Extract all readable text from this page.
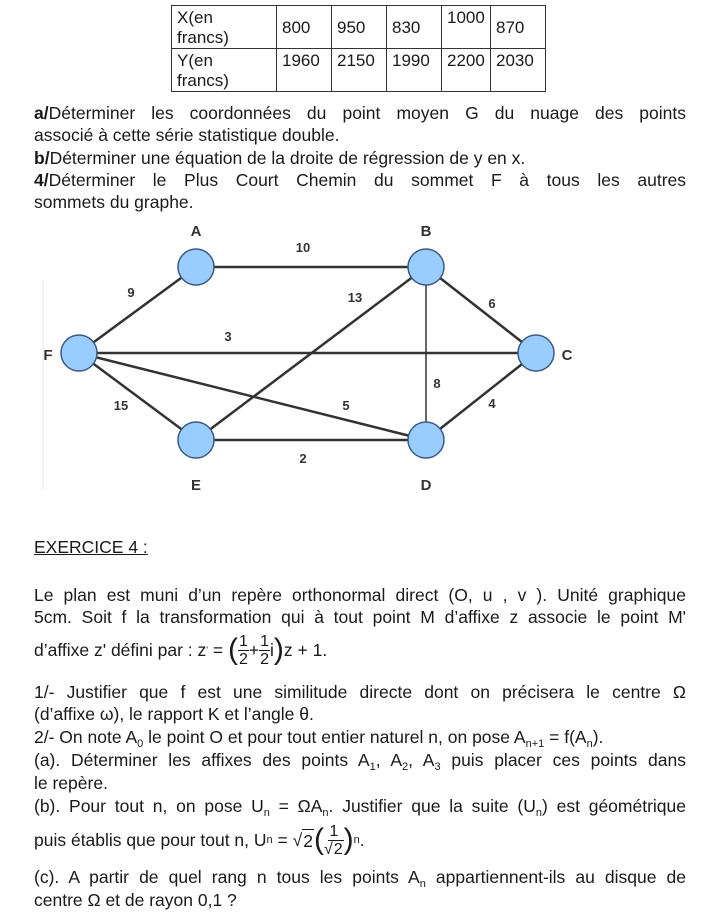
X(en
francs)	800	950	830	1000	870
Y(en
francs)	1960	2150	1990	2200	2030
a/Déterminer les coordonnées du point moyen G du nuage des points
associé à cette série statistique double.
b/Déterminer une équation de la droite de régression de y en x.
4/Déterminer le Plus Court Chemin du sommet F à tous les autres
sommets du graphe.
10
9
3
15	5
13
2
6
8
4
A	B
C
D
E
F
EXERCICE 4 :
Le plan est muni d’un repère orthonormal direct (O, u , v ). Unité graphique
5cm. Soit f la transformation qui à tout point M d’affixe z associe le point M'
d’affixe z' défini par : z ' = ( $\frac{1}{2} + \frac{1}{2}$ i ) z + 1.
1/- Justifier que f est une similitude directe dont on précisera le centre Ω
(d’affixe ω), le rapport K et l’angle θ.
2/- On note $A_0$ le point O et pour tout entier naturel n, on pose $A_{n+1} = f(A_n)$.
(a). Déterminer les affixes des points $A_1$, $A_2$, $A_3$ puis placer ces points dans
le repère.
(b). Pour tout n, on pose $U_n = \Omega A_n$. Justifier que la suite $(U_n)$ est géométrique
puis établis que pour tout n, U n = √ 2 ( $\frac{1}{√2}$ ) n .
(c). A partir de quel rang n tous les points $A_n$ appartiennent-ils au disque de
centre Ω et de rayon 0,1 ?
